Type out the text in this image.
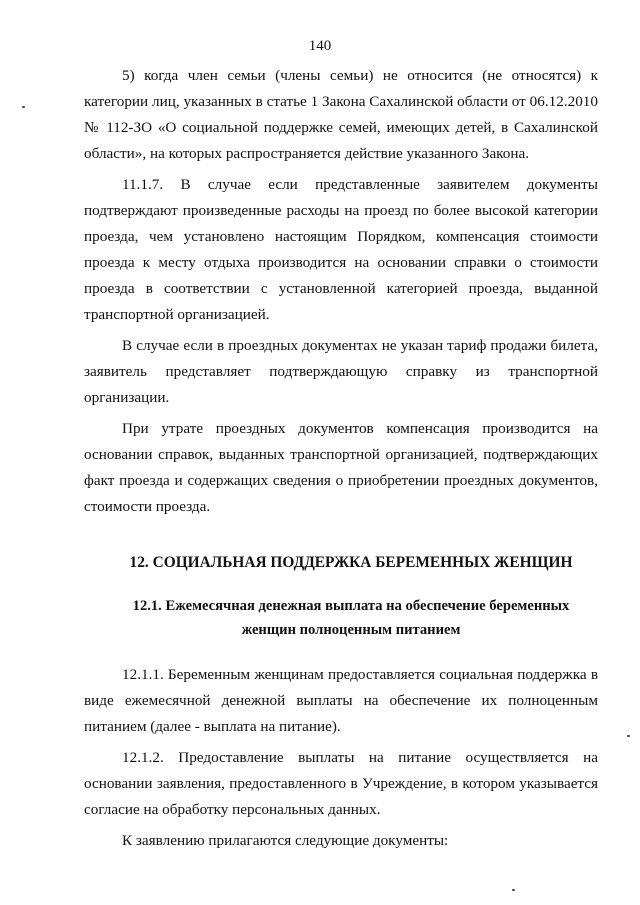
140

5) когда член семьи (члены семьи) не относится (не относятся) к категории лиц, указанных в статье 1 Закона Сахалинской области от 06.12.2010 № 112-ЗО «О социальной поддержке семей, имеющих детей, в Сахалинской области», на которых распространяется действие указанного Закона.

11.1.7. В случае если представленные заявителем документы подтверждают произведенные расходы на проезд по более высокой категории проезда, чем установлено настоящим Порядком, компенсация стоимости проезда к месту отдыха производится на основании справки о стоимости проезда в соответствии с установленной категорией проезда, выданной транспортной организацией.

В случае если в проездных документах не указан тариф продажи билета, заявитель представляет подтверждающую справку из транспортной организации.

При утрате проездных документов компенсация производится на основании справок, выданных транспортной организацией, подтверждающих факт проезда и содержащих сведения о приобретении проездных документов, стоимости проезда.

12. СОЦИАЛЬНАЯ ПОДДЕРЖКА БЕРЕМЕННЫХ ЖЕНЩИН
12.1. Ежемесячная денежная выплата на обеспечение беременных женщин полноценным питанием

12.1.1. Беременным женщинам предоставляется социальная поддержка в виде ежемесячной денежной выплаты на обеспечение их полноценным питанием (далее - выплата на питание).

12.1.2. Предоставление выплаты на питание осуществляется на основании заявления, предоставленного в Учреждение, в котором указывается согласие на обработку персональных данных.

К заявлению прилагаются следующие документы:
